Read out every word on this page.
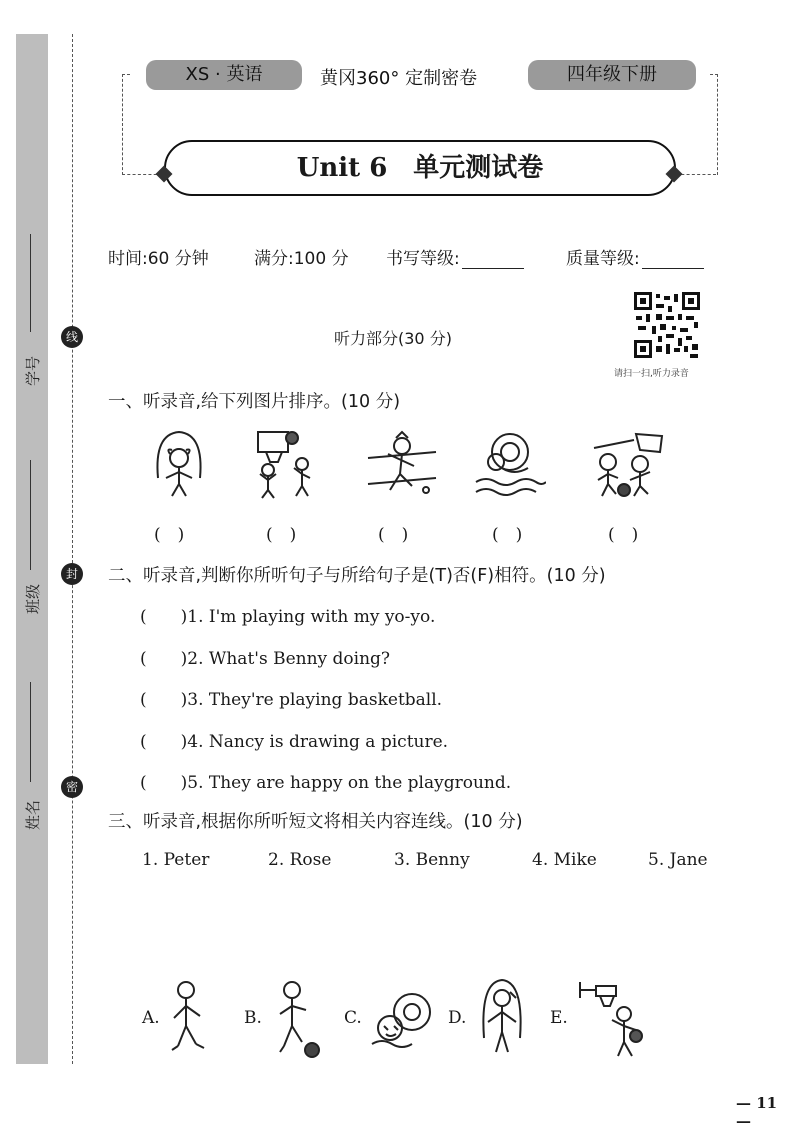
线
封
密
学号
班级
姓名
XS · 英语	黄冈360° 定制密卷	四年级下册
Unit 6　单元测试卷
时间:60 分钟	满分:100 分 书写等级:	质量等级:
听力部分(30 分)
请扫一扫,听力录音
一、听录音,给下列图片排序。(10 分)
(　)	(　)	(　)	(　)	(　)
二、听录音,判断你所听句子与所给句子是(T)否(F)相符。(10 分)
(　　)1. I'm playing with my yo-yo.
(　　)2. What's Benny doing?
(　　)3. They're playing basketball.
(　　)4. Nancy is drawing a picture.
(　　)5. They are happy on the playground.
三、听录音,根据你所听短文将相关内容连线。(10 分)
1. Peter	2. Rose	3. Benny	4. Mike	5. Jane
A.	B.	C.	D.	E.
— 11 —
